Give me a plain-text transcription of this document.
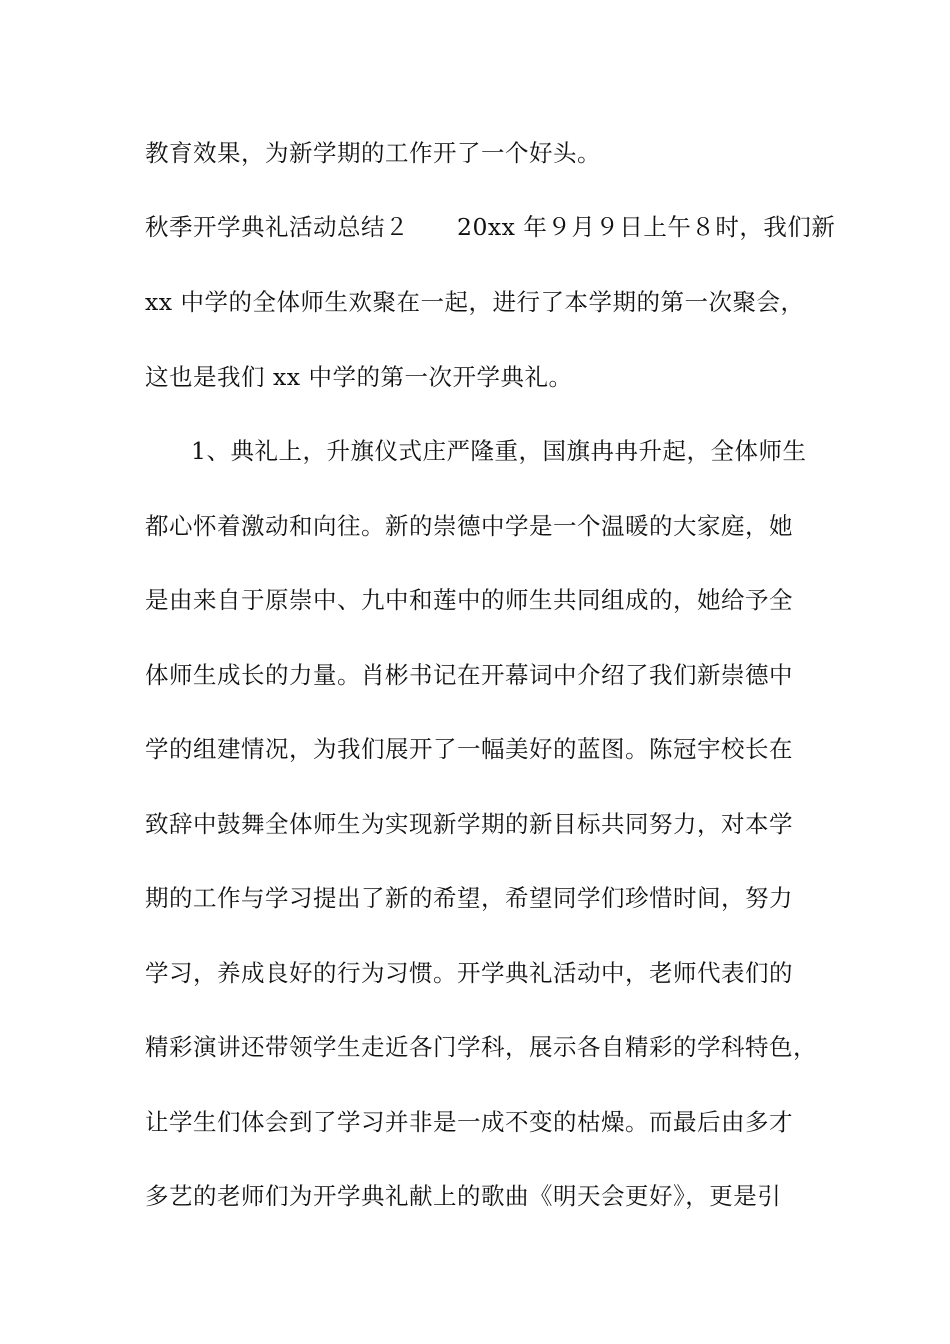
教育效果，为新学期的工作开了一个好头。
秋季开学典礼活动总结２　　20xx 年９月９日上午８时，我们新
xx 中学的全体师生欢聚在一起，进行了本学期的第一次聚会，
这也是我们 xx 中学的第一次开学典礼。
1、典礼上，升旗仪式庄严隆重，国旗冉冉升起，全体师生
都心怀着激动和向往。新的崇德中学是一个温暖的大家庭，她
是由来自于原崇中、九中和莲中的师生共同组成的，她给予全
体师生成长的力量。肖彬书记在开幕词中介绍了我们新崇德中
学的组建情况，为我们展开了一幅美好的蓝图。陈冠宇校长在
致辞中鼓舞全体师生为实现新学期的新目标共同努力，对本学
期的工作与学习提出了新的希望，希望同学们珍惜时间，努力
学习，养成良好的行为习惯。开学典礼活动中，老师代表们的
精彩演讲还带领学生走近各门学科，展示各自精彩的学科特色，
让学生们体会到了学习并非是一成不变的枯燥。而最后由多才
多艺的老师们为开学典礼献上的歌曲《明天会更好》，更是引
